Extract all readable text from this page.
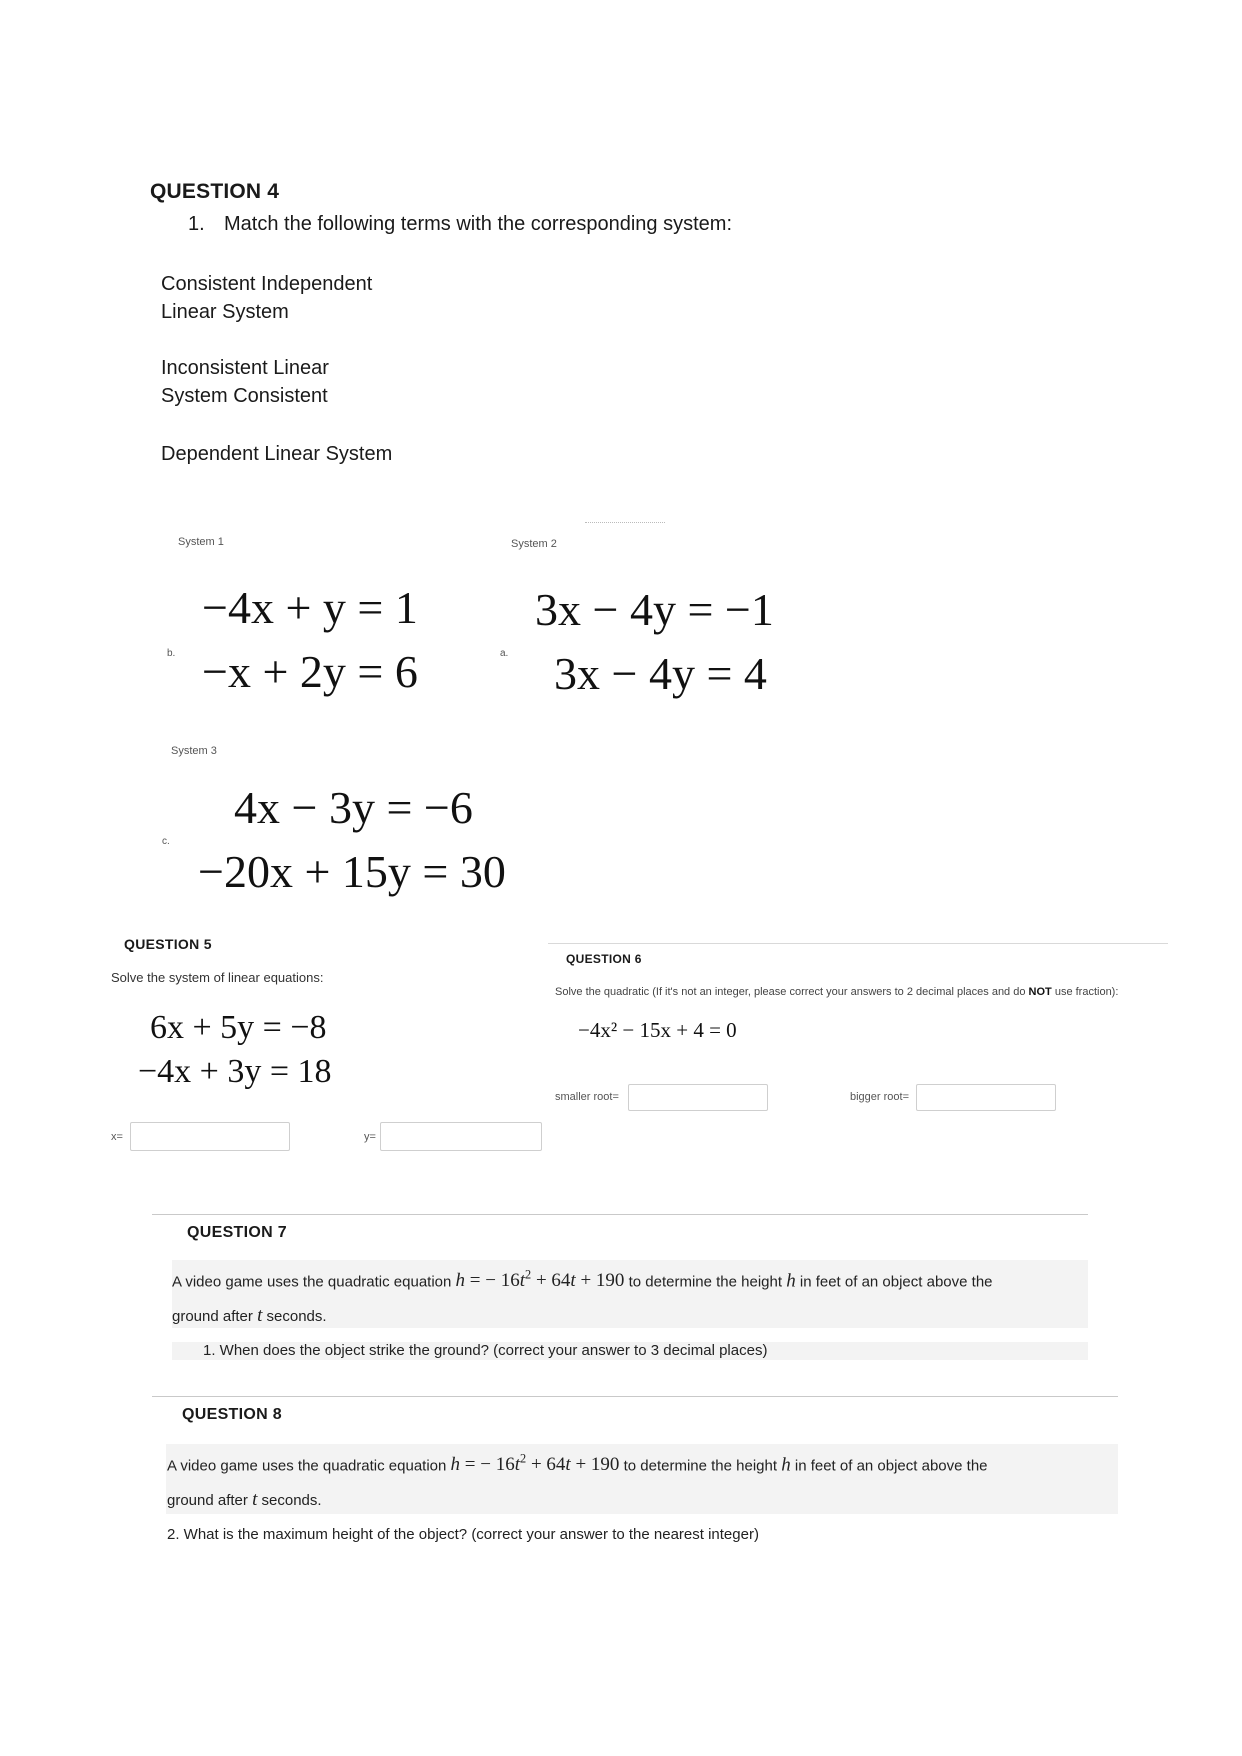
QUESTION 4
1. Match the following terms with the corresponding system:
Consistent Independent
Linear System
Inconsistent Linear
System Consistent
Dependent Linear System
System 1
b.
−4x + y = 1
−x + 2y = 6
System 2
a.
3x − 4y = −1
3x − 4y = 4
System 3
c.
4x − 3y = −6
−20x + 15y = 30
QUESTION 5
Solve the system of linear equations:
6x + 5y = −8
−4x + 3y = 18
x=	y=
QUESTION 6
Solve the quadratic (If it's not an integer, please correct your answers to 2 decimal places and do NOT use fraction):
−4x² − 15x + 4 = 0
smaller root=	bigger root=
QUESTION 7
A video game uses the quadratic equation h = − $16t^2 + 64t + 190$ to determine the height h in feet of an object above the
ground after t seconds.
1. When does the object strike the ground? (correct your answer to 3 decimal places)
QUESTION 8
A video game uses the quadratic equation h = − $16t^2 + 64t + 190$ to determine the height h in feet of an object above the
ground after t seconds.
2. What is the maximum height of the object? (correct your answer to the nearest integer)
